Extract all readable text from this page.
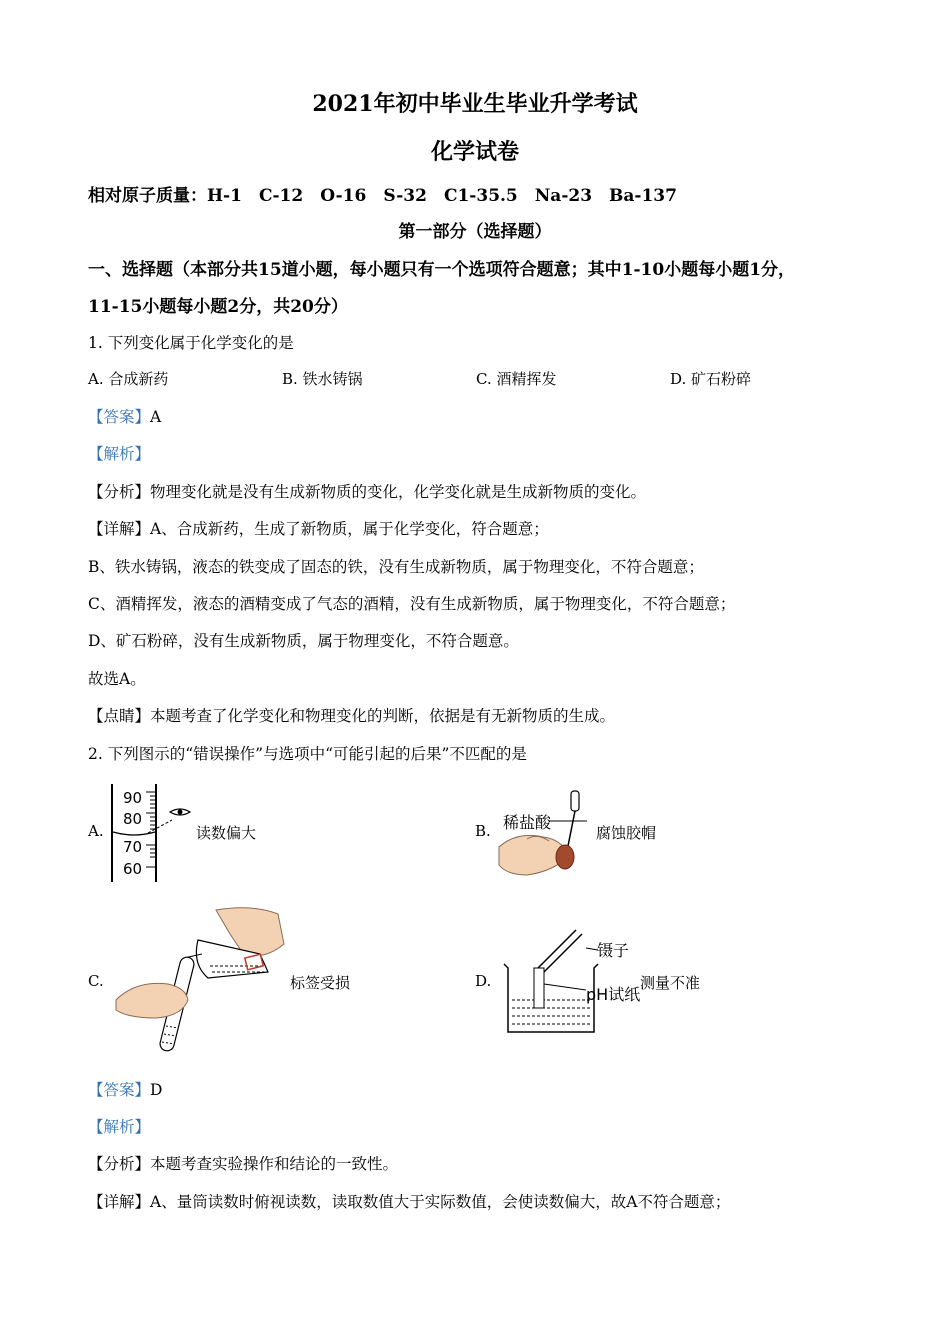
2021年初中毕业生毕业升学考试
化学试卷
相对原子质量：H-1　C-12　O-16　S-32　C1-35.5　Na-23　Ba-137
第一部分（选择题）
一、选择题（本部分共15道小题，每小题只有一个选项符合题意；其中1-10小题每小题1分，
11-15小题每小题2分，共20分）
1. 下列变化属于化学变化的是
A. 合成新药	B. 铁水铸锅	C. 酒精挥发	D. 矿石粉碎
【答案】A
【解析】
【分析】物理变化就是没有生成新物质的变化，化学变化就是生成新物质的变化。
【详解】A、合成新药，生成了新物质，属于化学变化，符合题意；
B、铁水铸锅，液态的铁变成了固态的铁，没有生成新物质，属于物理变化，不符合题意；
C、酒精挥发，液态的酒精变成了气态的酒精，没有生成新物质，属于物理变化，不符合题意；
D、矿石粉碎，没有生成新物质，属于物理变化，不符合题意。
故选A。
【点睛】本题考查了化学变化和物理变化的判断，依据是有无新物质的生成。
2. 下列图示的“错误操作”与选项中“可能引起的后果”不匹配的是
A.
90
80
70
60
读数偏大	B. 稀盐酸
腐蚀胶帽
C.	标签受损	D.
镊子
pH试纸
测量不准
【答案】D
【解析】
【分析】本题考查实验操作和结论的一致性。
【详解】A、量筒读数时俯视读数，读取数值大于实际数值，会使读数偏大，故A不符合题意；
